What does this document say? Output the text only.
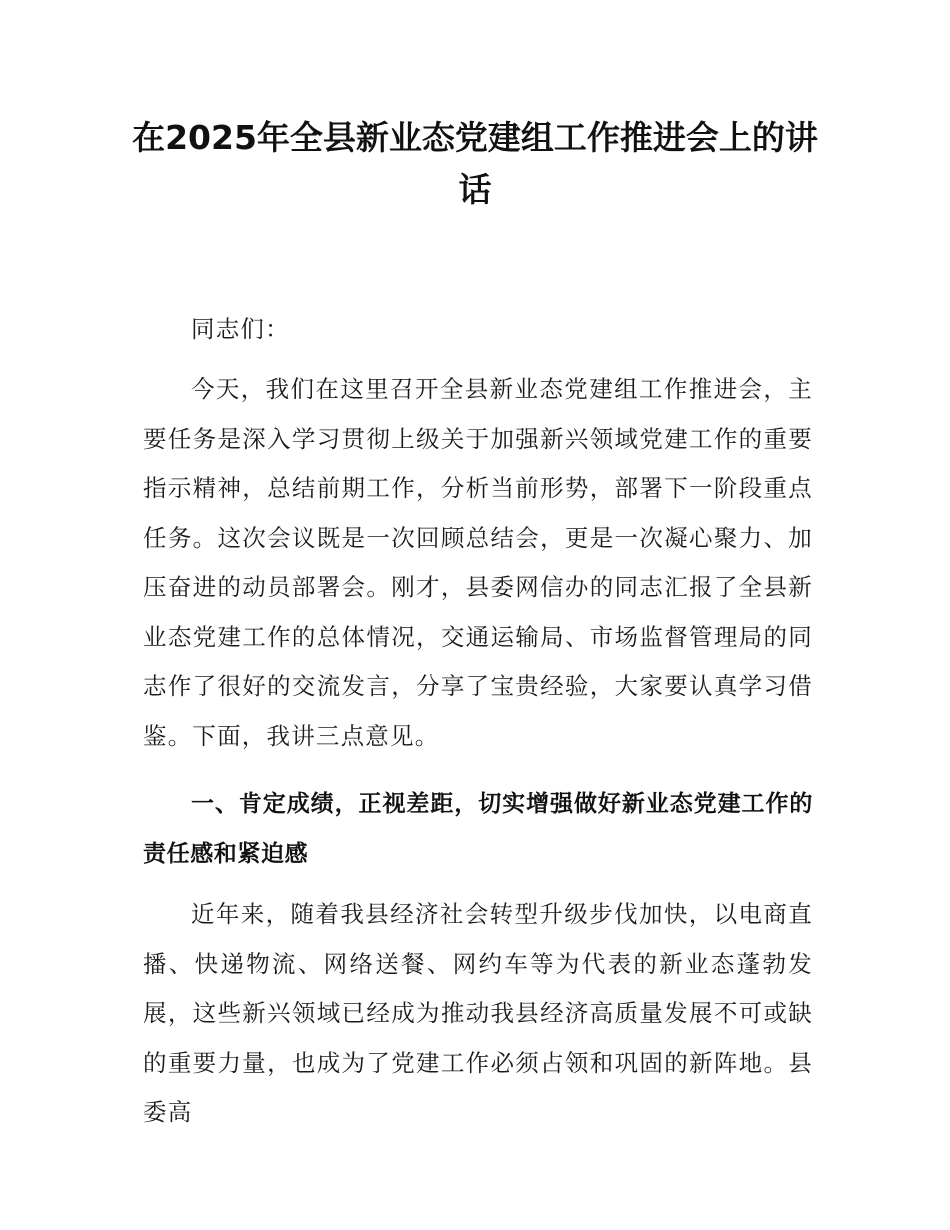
在2025年全县新业态党建组工作推进会上的讲话

同志们：

今天，我们在这里召开全县新业态党建组工作推进会，主要任务是深入学习贯彻上级关于加强新兴领域党建工作的重要指示精神，总结前期工作，分析当前形势，部署下一阶段重点任务。这次会议既是一次回顾总结会，更是一次凝心聚力、加压奋进的动员部署会。刚才，县委网信办的同志汇报了全县新业态党建工作的总体情况，交通运输局、市场监督管理局的同志作了很好的交流发言，分享了宝贵经验，大家要认真学习借鉴。下面，我讲三点意见。

一、肯定成绩，正视差距，切实增强做好新业态党建工作的责任感和紧迫感

近年来，随着我县经济社会转型升级步伐加快，以电商直播、快递物流、网络送餐、网约车等为代表的新业态蓬勃发展，这些新兴领域已经成为推动我县经济高质量发展不可或缺的重要力量，也成为了党建工作必须占领和巩固的新阵地。县委高
